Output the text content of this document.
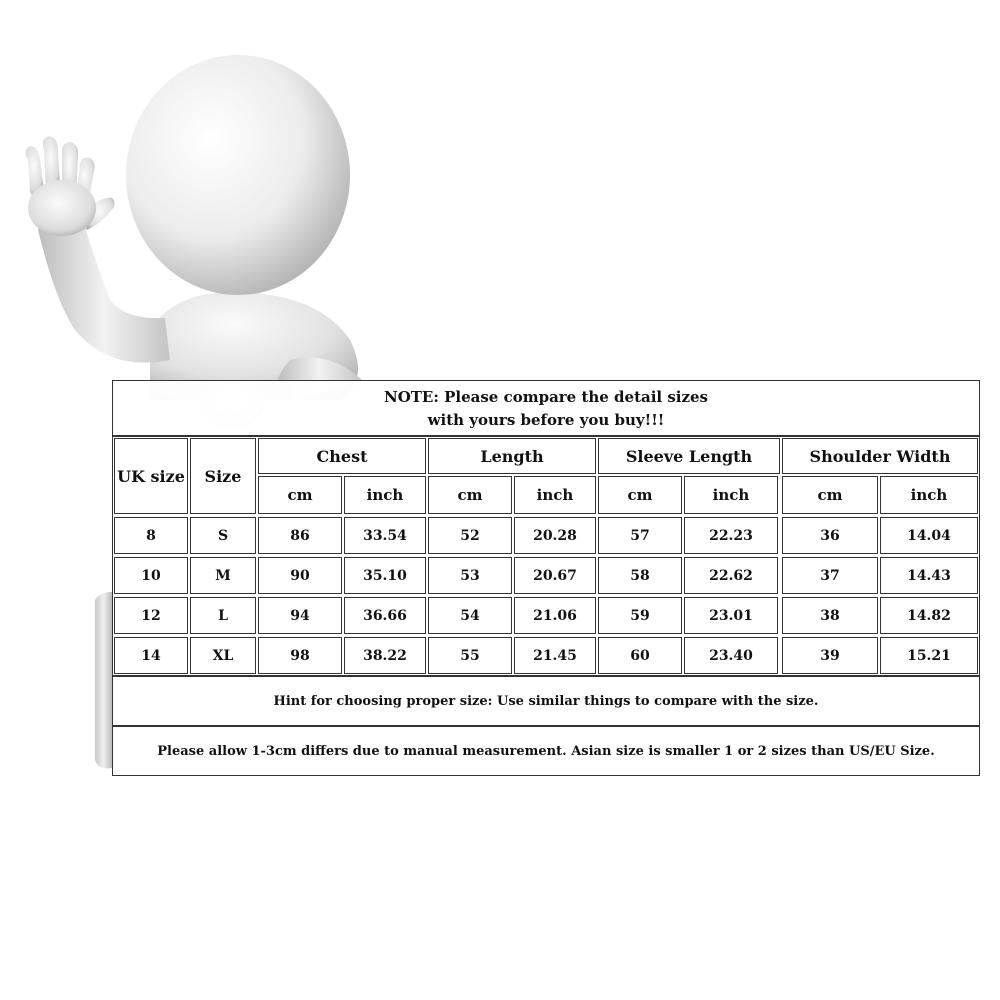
NOTE: Please compare the detail sizes
with yours before you buy!!!
UK size	Size
Chest	Length	Sleeve Length	Shoulder Width
cm	inch	cm	inch	cm	inch	cm	inch
8	S	86	33.54	52	20.28	57	22.23	36	14.04
10	M	90	35.10	53	20.67	58	22.62	37	14.43
12	L	94	36.66	54	21.06	59	23.01	38	14.82
14	XL	98	38.22	55	21.45	60	23.40	39	15.21
Hint for choosing proper size: Use similar things to compare with the size.
Please allow 1-3cm differs due to manual measurement. Asian size is smaller 1 or 2 sizes than US/EU Size.
